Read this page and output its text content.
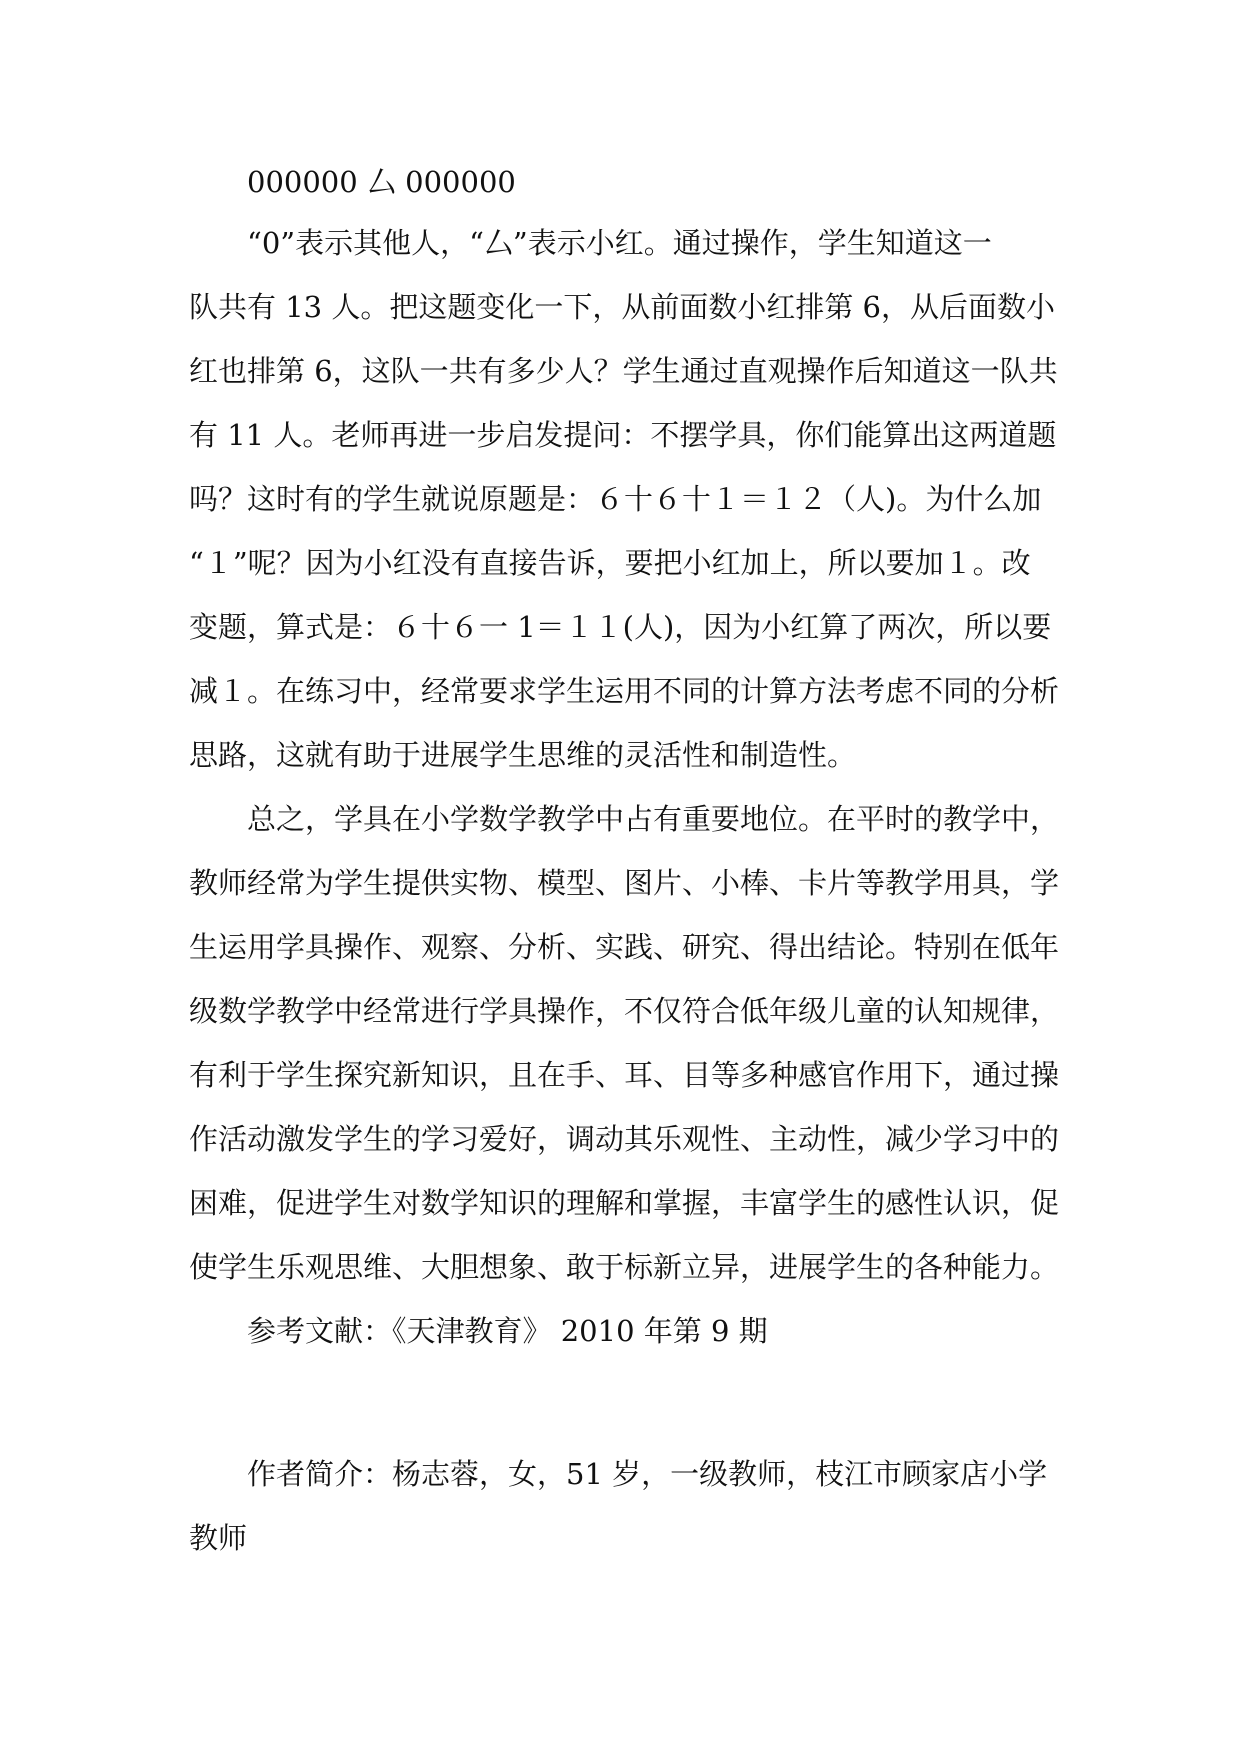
000000 厶 000000

“0”表示其他人，“厶”表示小红。通过操作，学生知道这一

队共有 13 人。把这题变化一下，从前面数小红排第 6，从后面数小

红也排第 6，这队一共有多少人？学生通过直观操作后知道这一队共

有 11 人。老师再进一步启发提问：不摆学具，你们能算出这两道题

吗？这时有的学生就说原题是：６十６十１＝１２（人)。为什么加

“１”呢？因为小红没有直接告诉，要把小红加上，所以要加１。改

变题，算式是：６十６一 1＝１１(人)，因为小红算了两次，所以要

减１。在练习中，经常要求学生运用不同的计算方法考虑不同的分析

思路，这就有助于进展学生思维的灵活性和制造性。

总之，学具在小学数学教学中占有重要地位。在平时的教学中，

教师经常为学生提供实物、模型、图片、小棒、卡片等教学用具，学

生运用学具操作、观察、分析、实践、研究、得出结论。特别在低年

级数学教学中经常进行学具操作，不仅符合低年级儿童的认知规律，

有利于学生探究新知识，且在手、耳、目等多种感官作用下，通过操

作活动激发学生的学习爱好，调动其乐观性、主动性，减少学习中的

困难，促进学生对数学知识的理解和掌握，丰富学生的感性认识，促

使学生乐观思维、大胆想象、敢于标新立异，进展学生的各种能力。

参考文献：《天津教育》 2010 年第 9 期

作者简介：杨志蓉，女，51 岁，一级教师，枝江市顾家店小学

教师
